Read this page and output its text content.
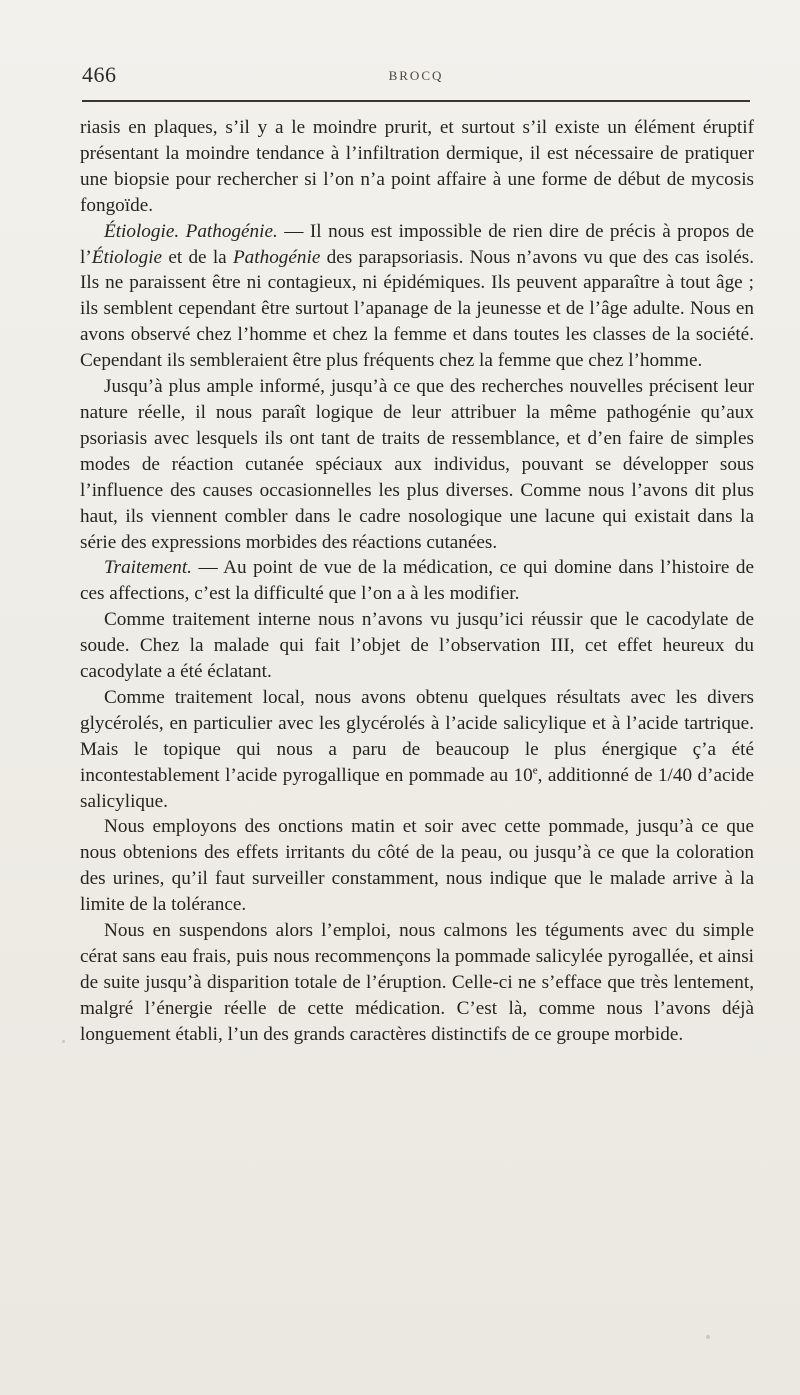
466	BROCQ

riasis en plaques, s’il y a le moindre prurit, et surtout s’il existe un élément éruptif présentant la moindre tendance à l’infiltration dermique, il est nécessaire de pratiquer une biopsie pour rechercher si l’on n’a point affaire à une forme de début de mycosis fongoïde.

Étiologie. Pathogénie. — Il nous est impossible de rien dire de précis à propos de l’Étiologie et de la Pathogénie des parapsoriasis. Nous n’avons vu que des cas isolés. Ils ne paraissent être ni contagieux, ni épidémiques. Ils peuvent apparaître à tout âge ; ils semblent cependant être surtout l’apanage de la jeunesse et de l’âge adulte. Nous en avons observé chez l’homme et chez la femme et dans toutes les classes de la société. Cependant ils sembleraient être plus fréquents chez la femme que chez l’homme.

Jusqu’à plus ample informé, jusqu’à ce que des recherches nouvelles précisent leur nature réelle, il nous paraît logique de leur attribuer la même pathogénie qu’aux psoriasis avec lesquels ils ont tant de traits de ressemblance, et d’en faire de simples modes de réaction cutanée spéciaux aux individus, pouvant se développer sous l’influence des causes occasionnelles les plus diverses. Comme nous l’avons dit plus haut, ils viennent combler dans le cadre nosologique une lacune qui existait dans la série des expressions morbides des réactions cutanées.

Traitement. — Au point de vue de la médication, ce qui domine dans l’histoire de ces affections, c’est la difficulté que l’on a à les modifier.

Comme traitement interne nous n’avons vu jusqu’ici réussir que le cacodylate de soude. Chez la malade qui fait l’objet de l’observation III, cet effet heureux du cacodylate a été éclatant.

Comme traitement local, nous avons obtenu quelques résultats avec les divers glycérolés, en particulier avec les glycérolés à l’acide salicylique et à l’acide tartrique. Mais le topique qui nous a paru de beaucoup le plus énergique ç’a été incontestablement l’acide pyrogallique en pommade au 10e, additionné de 1/40 d’acide salicylique.

Nous employons des onctions matin et soir avec cette pommade, jusqu’à ce que nous obtenions des effets irritants du côté de la peau, ou jusqu’à ce que la coloration des urines, qu’il faut surveiller constamment, nous indique que le malade arrive à la limite de la tolérance.

Nous en suspendons alors l’emploi, nous calmons les téguments avec du simple cérat sans eau frais, puis nous recommençons la pommade salicylée pyrogallée, et ainsi de suite jusqu’à disparition totale de l’éruption. Celle-ci ne s’efface que très lentement, malgré l’énergie réelle de cette médication. C’est là, comme nous l’avons déjà longuement établi, l’un des grands caractères distinctifs de ce groupe morbide.
